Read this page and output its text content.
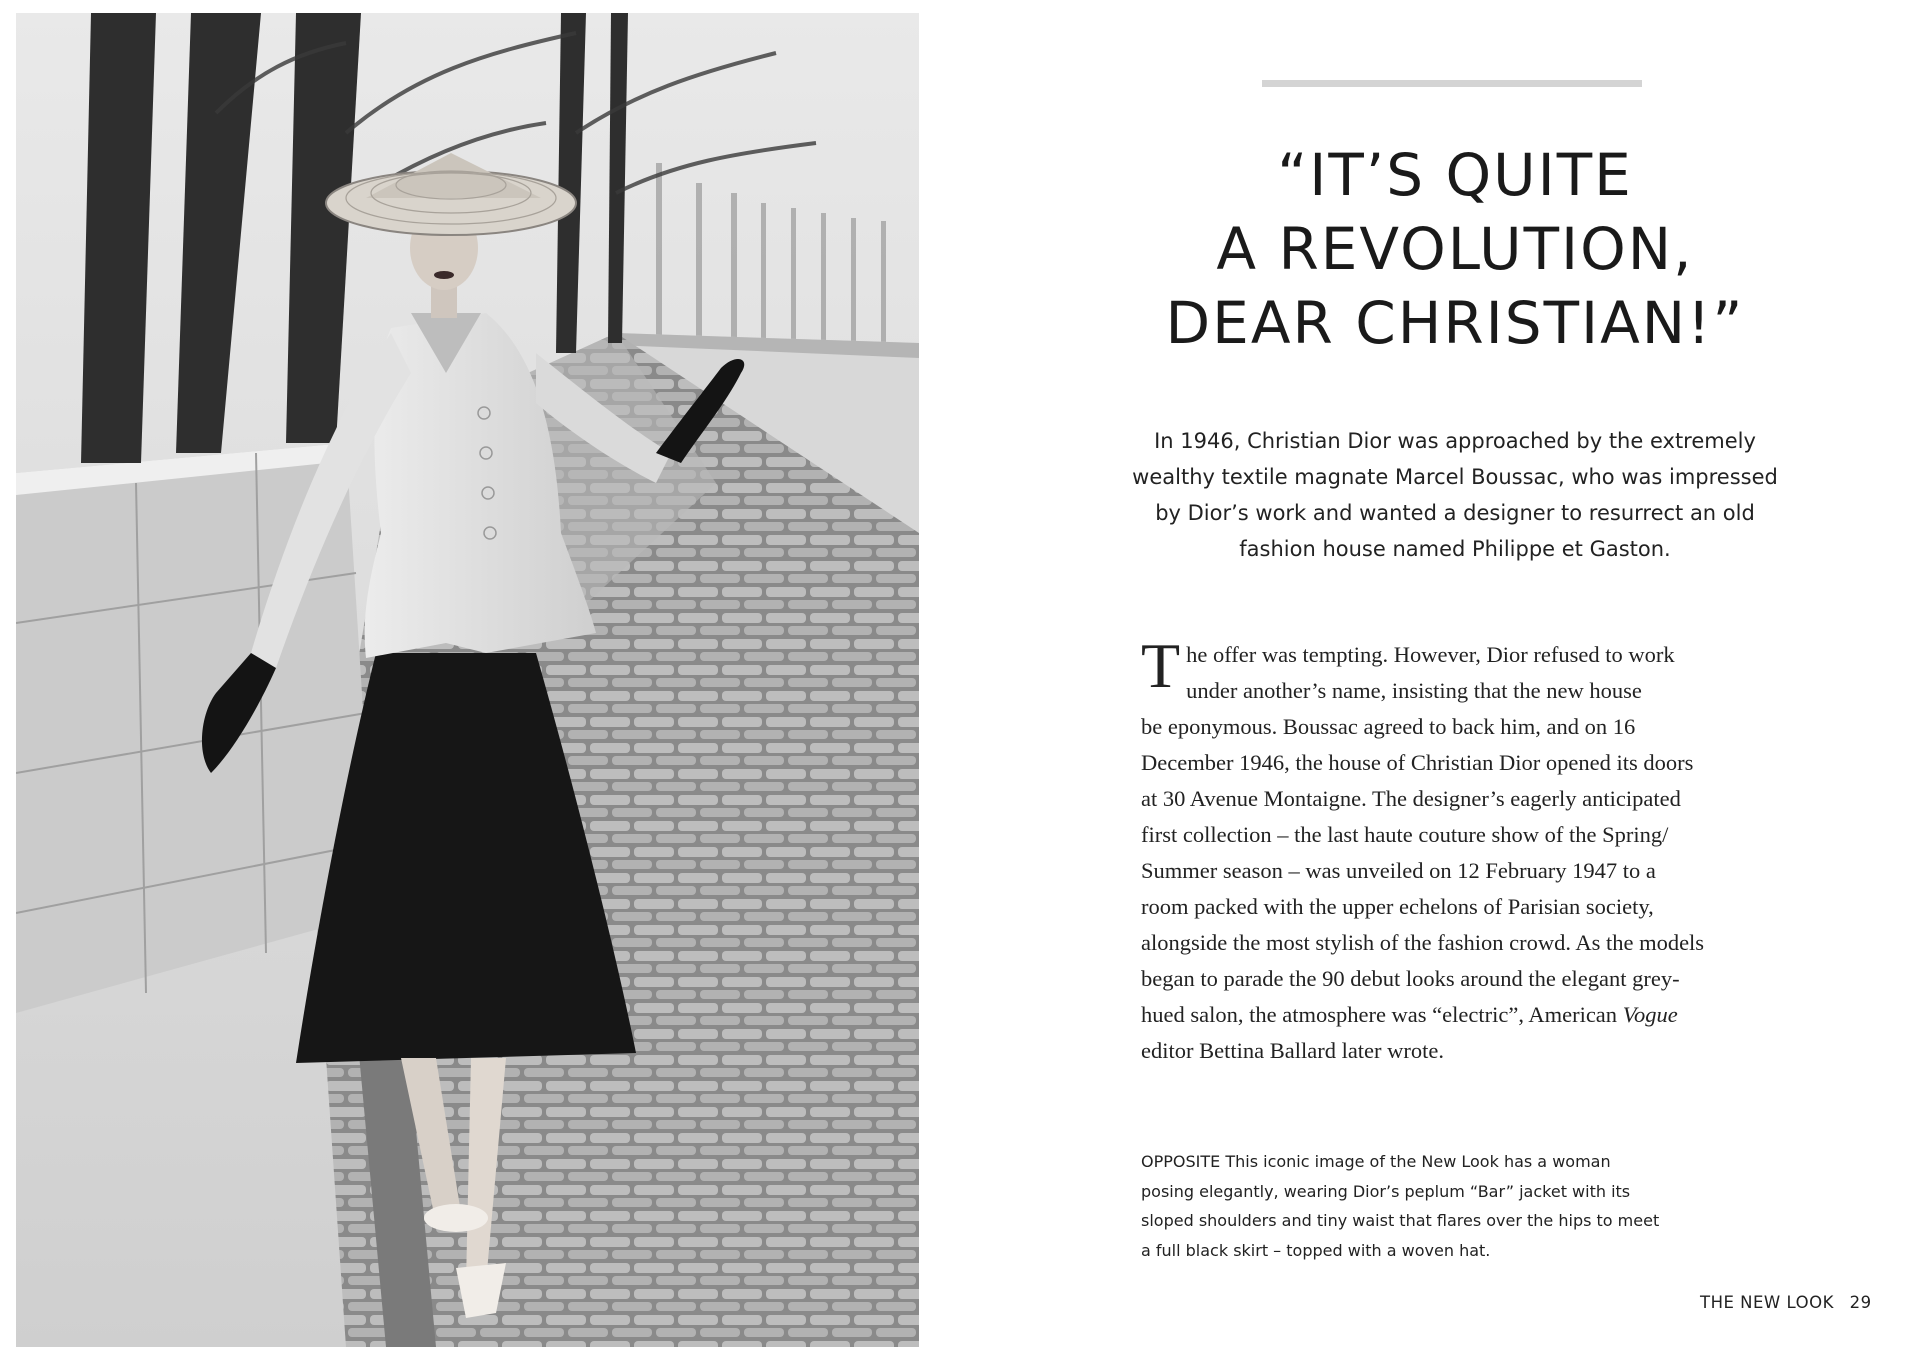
“IT’S QUITE
A REVOLUTION,
DEAR CHRISTIAN!”

In 1946, Christian Dior was approached by the extremely wealthy textile magnate Marcel Boussac, who was impressed by Dior’s work and wanted a designer to resurrect an old fashion house named Philippe et Gaston.

T he offer was tempting. However, Dior refused to work
under another’s name, insisting that the new house
be eponymous. Boussac agreed to back him, and on 16
December 1946, the house of Christian Dior opened its doors
at 30 Avenue Montaigne. The designer’s eagerly anticipated
first collection – the last haute couture show of the Spring/
Summer season – was unveiled on 12 February 1947 to a
room packed with the upper echelons of Parisian society,
alongside the most stylish of the fashion crowd. As the models
began to parade the 90 debut looks around the elegant grey-
hued salon, the atmosphere was “electric”, American Vogue
editor Bettina Ballard later wrote.

OPPOSITE This iconic image of the New Look has a woman
posing elegantly, wearing Dior’s peplum “Bar” jacket with its
sloped shoulders and tiny waist that flares over the hips to meet
a full black skirt – topped with a woven hat.

THE NEW LOOK 29
